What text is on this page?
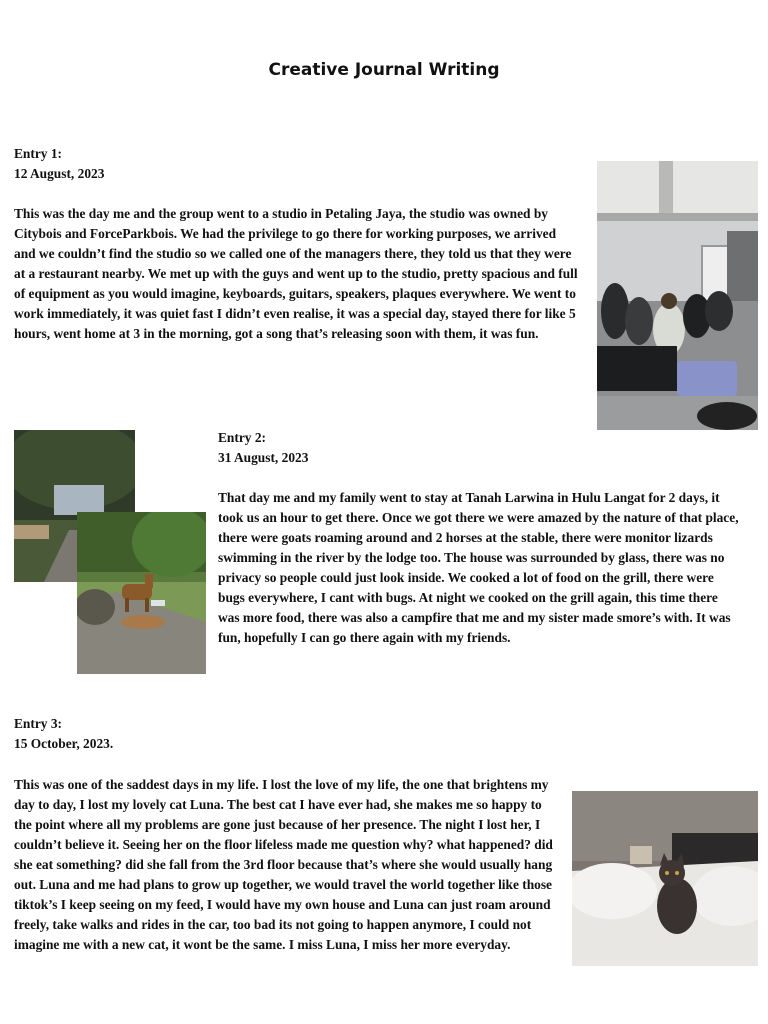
Creative Journal Writing
Entry 1:
12 August, 2023

This was the day me and the group went to a studio in Petaling Jaya, the studio was owned by Citybois and ForceParkbois. We had the privilege to go there for working purposes, we arrived and we couldn’t find the studio so we called one of the managers there, they told us that they were at a restaurant nearby. We met up with the guys and went up to the studio, pretty spacious and full of equipment as you would imagine, keyboards, guitars, speakers, plaques everywhere. We went to work immediately, it was quiet fast I didn’t even realise, it was a special day, stayed there for like 5 hours, went home at 3 in the morning, got a song that’s releasing soon with them, it was fun.

Entry 2:
31 August, 2023

That day me and my family went to stay at Tanah Larwina in Hulu Langat for 2 days, it took us an hour to get there. Once we got there we were amazed by the nature of that place, there were goats roaming around and 2 horses at the stable, there were monitor lizards swimming in the river by the lodge too. The house was surrounded by glass, there was no privacy so people could just look inside. We cooked a lot of food on the grill, there were bugs everywhere, I cant with bugs. At night we cooked on the grill again, this time there was more food, there was also a campfire that me and my sister made smore’s with. It was fun, hopefully I can go there again with my friends.

Entry 3:
15 October, 2023.

This was one of the saddest days in my life. I lost the love of my life, the one that brightens my day to day, I lost my lovely cat Luna. The best cat I have ever had, she makes me so happy to the point where all my problems are gone just because of her presence. The night I lost her, I couldn’t believe it. Seeing her on the floor lifeless made me question why? what happened? did she eat something? did she fall from the 3rd floor because that’s where she would usually hang out. Luna and me had plans to grow up together, we would travel the world together like those tiktok’s I keep seeing on my feed, I would have my own house and Luna can just roam around freely, take walks and rides in the car, too bad its not going to happen anymore, I could not imagine me with a new cat, it wont be the same. I miss Luna, I miss her more everyday.
